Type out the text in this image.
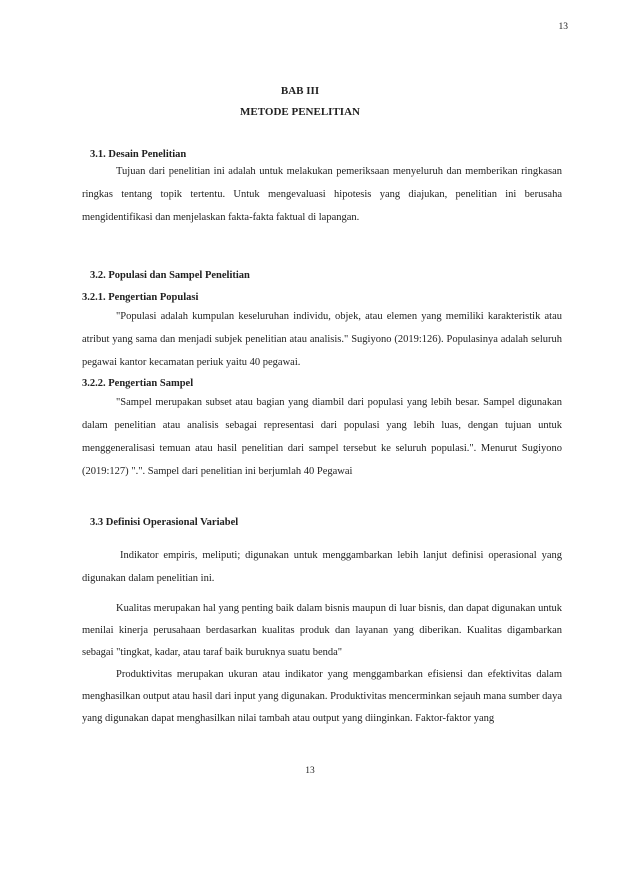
13
BAB III
METODE PENELITIAN
3.1. Desain Penelitian
Tujuan dari penelitian ini adalah untuk melakukan pemeriksaan menyeluruh dan memberikan ringkasan ringkas tentang topik tertentu. Untuk mengevaluasi hipotesis yang diajukan, penelitian ini berusaha mengidentifikasi dan menjelaskan fakta-fakta faktual di lapangan.
3.2. Populasi dan Sampel Penelitian
3.2.1. Pengertian Populasi
"Populasi adalah kumpulan keseluruhan individu, objek, atau elemen yang memiliki karakteristik atau atribut yang sama dan menjadi subjek penelitian atau analisis." Sugiyono (2019:126). Populasinya adalah seluruh pegawai kantor kecamatan periuk yaitu 40 pegawai.
3.2.2. Pengertian Sampel
"Sampel merupakan subset atau bagian yang diambil dari populasi yang lebih besar. Sampel digunakan dalam penelitian atau analisis sebagai representasi dari populasi yang lebih luas, dengan tujuan untuk menggeneralisasi temuan atau hasil penelitian dari sampel tersebut ke seluruh populasi.". Menurut Sugiyono (2019:127) ".". Sampel dari penelitian ini berjumlah 40 Pegawai
3.3 Definisi Operasional Variabel
Indikator empiris, meliputi; digunakan untuk menggambarkan lebih lanjut definisi operasional yang digunakan dalam penelitian ini.
Kualitas merupakan hal yang penting baik dalam bisnis maupun di luar bisnis, dan dapat digunakan untuk menilai kinerja perusahaan berdasarkan kualitas produk dan layanan yang diberikan. Kualitas digambarkan sebagai "tingkat, kadar, atau taraf baik buruknya suatu benda"
Produktivitas merupakan ukuran atau indikator yang menggambarkan efisiensi dan efektivitas dalam menghasilkan output atau hasil dari input yang digunakan. Produktivitas mencerminkan sejauh mana sumber daya yang digunakan dapat menghasilkan nilai tambah atau output yang diinginkan. Faktor-faktor yang
13
